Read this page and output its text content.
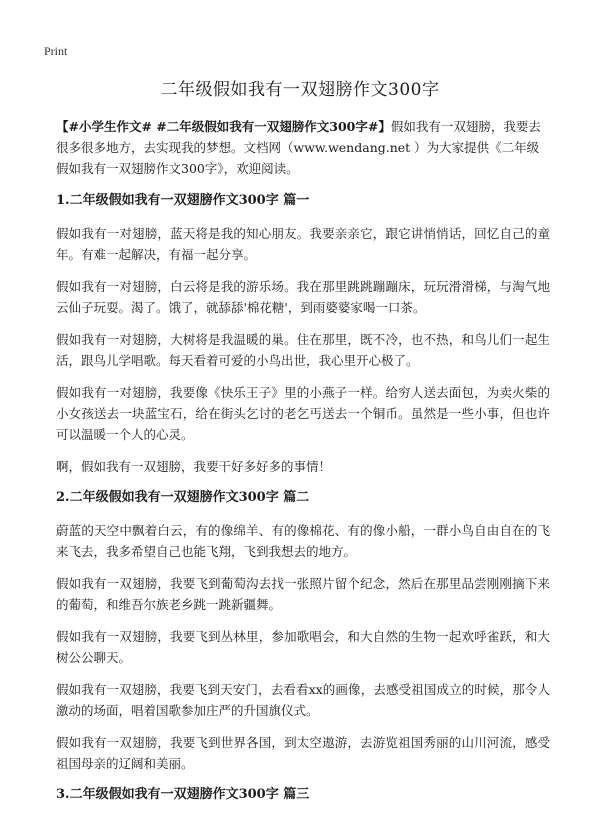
Print
二年级假如我有一双翅膀作文300字

【#小学生作文# #二年级假如我有一双翅膀作文300字#】假如我有一双翅膀，我要去很多很多地方，去实现我的梦想。文档网（www.wendang.net ）为大家提供《二年级假如我有一双翅膀作文300字》，欢迎阅读。

1.二年级假如我有一双翅膀作文300字 篇一

假如我有一对翅膀，蓝天将是我的知心朋友。我要亲亲它，跟它讲悄悄话，回忆自己的童年。有难一起解决，有福一起分享。

假如我有一对翅膀，白云将是我的游乐场。我在那里跳跳蹦蹦床，玩玩滑滑梯，与淘气地云仙子玩耍。渴了。饿了，就舔舔'棉花糖'，到雨婆婆家喝一口茶。

假如我有一对翅膀，大树将是我温暖的巢。住在那里，既不冷，也不热，和鸟儿们一起生活，跟鸟儿学唱歌。每天看着可爱的小鸟出世，我心里开心极了。

假如我有一对翅膀，我要像《快乐王子》里的小燕子一样。给穷人送去面包，为卖火柴的小女孩送去一块蓝宝石，给在街头乞讨的老乞丐送去一个铜币。虽然是一些小事，但也许可以温暖一个人的心灵。

啊，假如我有一双翅膀，我要干好多好多的事情！

2.二年级假如我有一双翅膀作文300字 篇二

蔚蓝的天空中飘着白云，有的像绵羊、有的像棉花、有的像小船，一群小鸟自由自在的飞来飞去，我多希望自己也能飞翔，飞到我想去的地方。

假如我有一双翅膀，我要飞到葡萄沟去找一张照片留个纪念，然后在那里品尝刚刚摘下来的葡萄，和维吾尔族老乡跳一跳新疆舞。

假如我有一双翅膀，我要飞到丛林里，参加歌唱会，和大自然的生物一起欢呼雀跃，和大树公公聊天。

假如我有一双翅膀，我要飞到天安门，去看看xx的画像，去感受祖国成立的时候，那令人激动的场面，唱着国歌参加庄严的升国旗仪式。

假如我有一双翅膀，我要飞到世界各国，到太空遨游，去游览祖国秀丽的山川河流，感受祖国母亲的辽阔和美丽。

3.二年级假如我有一双翅膀作文300字 篇三
